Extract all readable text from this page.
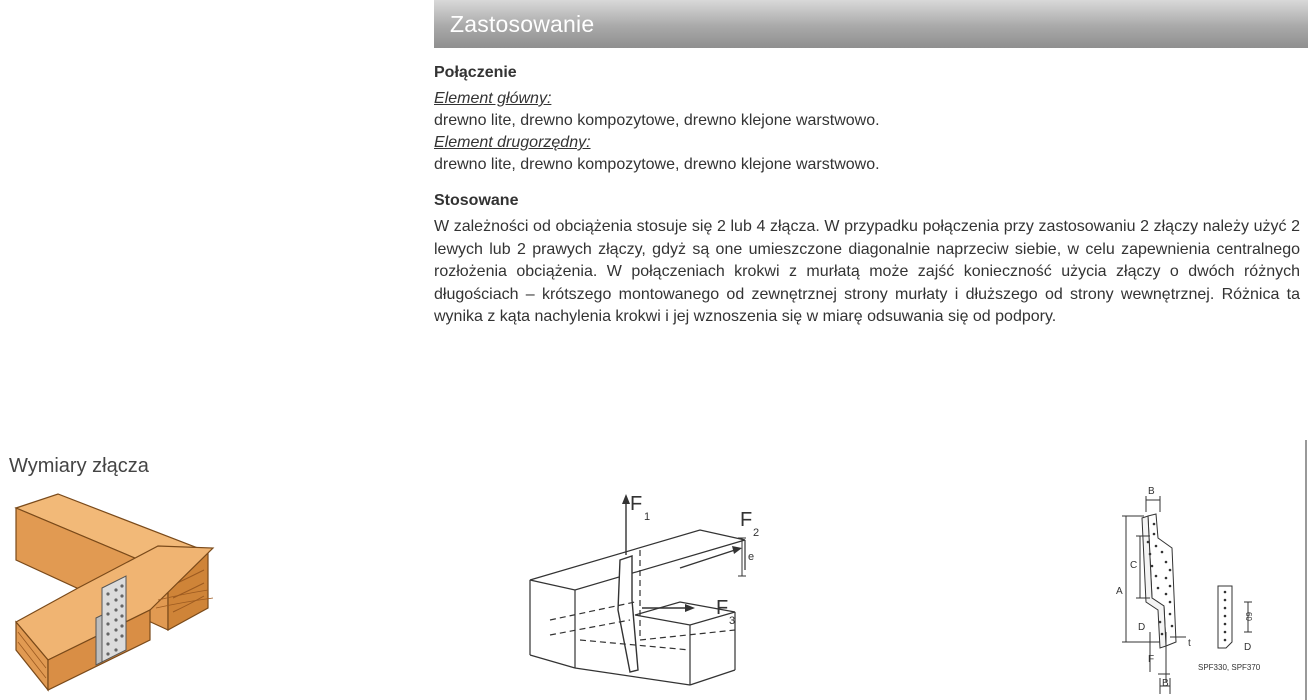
Zastosowanie
Połączenie
Element główny:
drewno lite, drewno kompozytowe, drewno klejone warstwowo.
Element drugorzędny:
drewno lite, drewno kompozytowe, drewno klejone warstwowo.
Stosowane

W zależności od obciążenia stosuje się 2 lub 4 złącza. W przypadku połączenia przy zastosowaniu 2 złączy należy użyć 2 lewych lub 2 prawych złączy, gdyż są one umieszczone diagonalnie naprzeciw siebie, w celu zapewnienia centralnego rozłożenia obciążenia. W połączeniach krokwi z murłatą może zajść konieczność użycia złączy o dwóch różnych długościach – krótszego montowanego od zewnętrznej strony murłaty i dłuższego od strony wewnętrznej. Różnica ta wynika z kąta nachylenia krokwi i jej wznoszenia się w miarę odsuwania się od podpory.

Wymiary złącza
F
1	F
2
F
3
e
B
A
C
D
F
t
B
D
60
SPF330, SPF370
